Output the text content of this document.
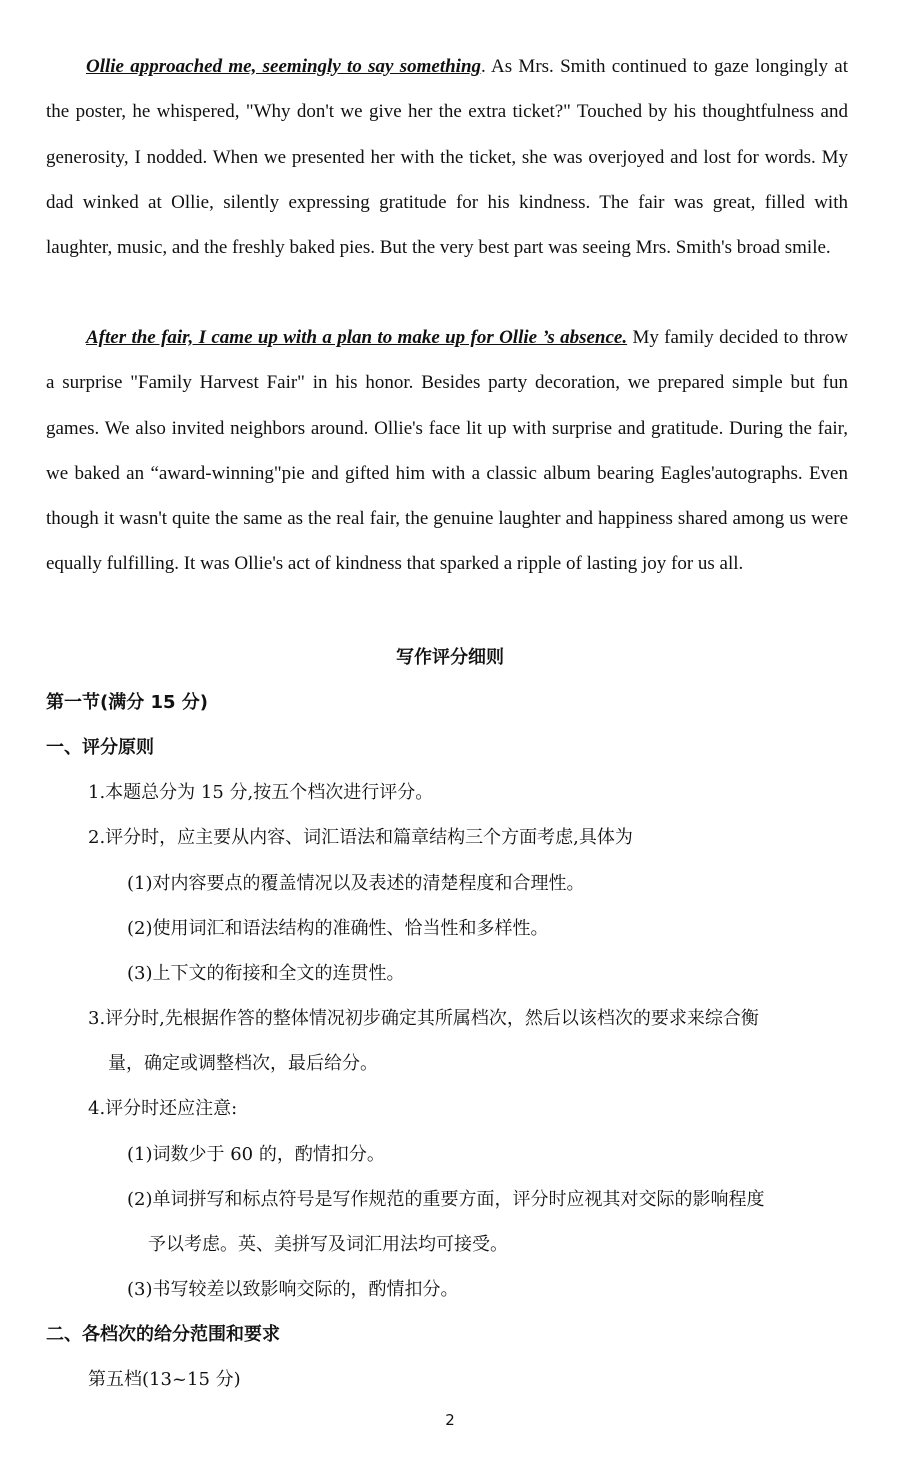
Ollie approached me, seemingly to say something. As Mrs. Smith continued to gaze longingly at the poster, he whispered, "Why don't we give her the extra ticket?" Touched by his thoughtfulness and generosity, I nodded. When we presented her with the ticket, she was overjoyed and lost for words. My dad winked at Ollie, silently expressing gratitude for his kindness. The fair was great, filled with laughter, music, and the freshly baked pies. But the very best part was seeing Mrs. Smith's broad smile.

After the fair, I came up with a plan to make up for Ollie ’s absence. My family decided to throw a surprise "Family Harvest Fair" in his honor. Besides party decoration, we prepared simple but fun games. We also invited neighbors around. Ollie's face lit up with surprise and gratitude. During the fair, we baked an “award-winning"pie and gifted him with a classic album bearing Eagles'autographs. Even though it wasn't quite the same as the real fair, the genuine laughter and happiness shared among us were equally fulfilling. It was Ollie's act of kindness that sparked a ripple of lasting joy for us all.

写作评分细则
第一节(满分 15 分)
一、评分原则
1.本题总分为 15 分,按五个档次进行评分。
2.评分时，应主要从内容、词汇语法和篇章结构三个方面考虑,具体为
(1)对内容要点的覆盖情况以及表述的清楚程度和合理性。
(2)使用词汇和语法结构的准确性、恰当性和多样性。
(3)上下文的衔接和全文的连贯性。
3.评分时,先根据作答的整体情况初步确定其所属档次，然后以该档次的要求来综合衡
量，确定或调整档次，最后给分。
4.评分时还应注意:
(1)词数少于 60 的，酌情扣分。
(2)单词拼写和标点符号是写作规范的重要方面，评分时应视其对交际的影响程度
予以考虑。英、美拼写及词汇用法均可接受。
(3)书写较差以致影响交际的，酌情扣分。
二、各档次的给分范围和要求
第五档(13~15 分)
2
